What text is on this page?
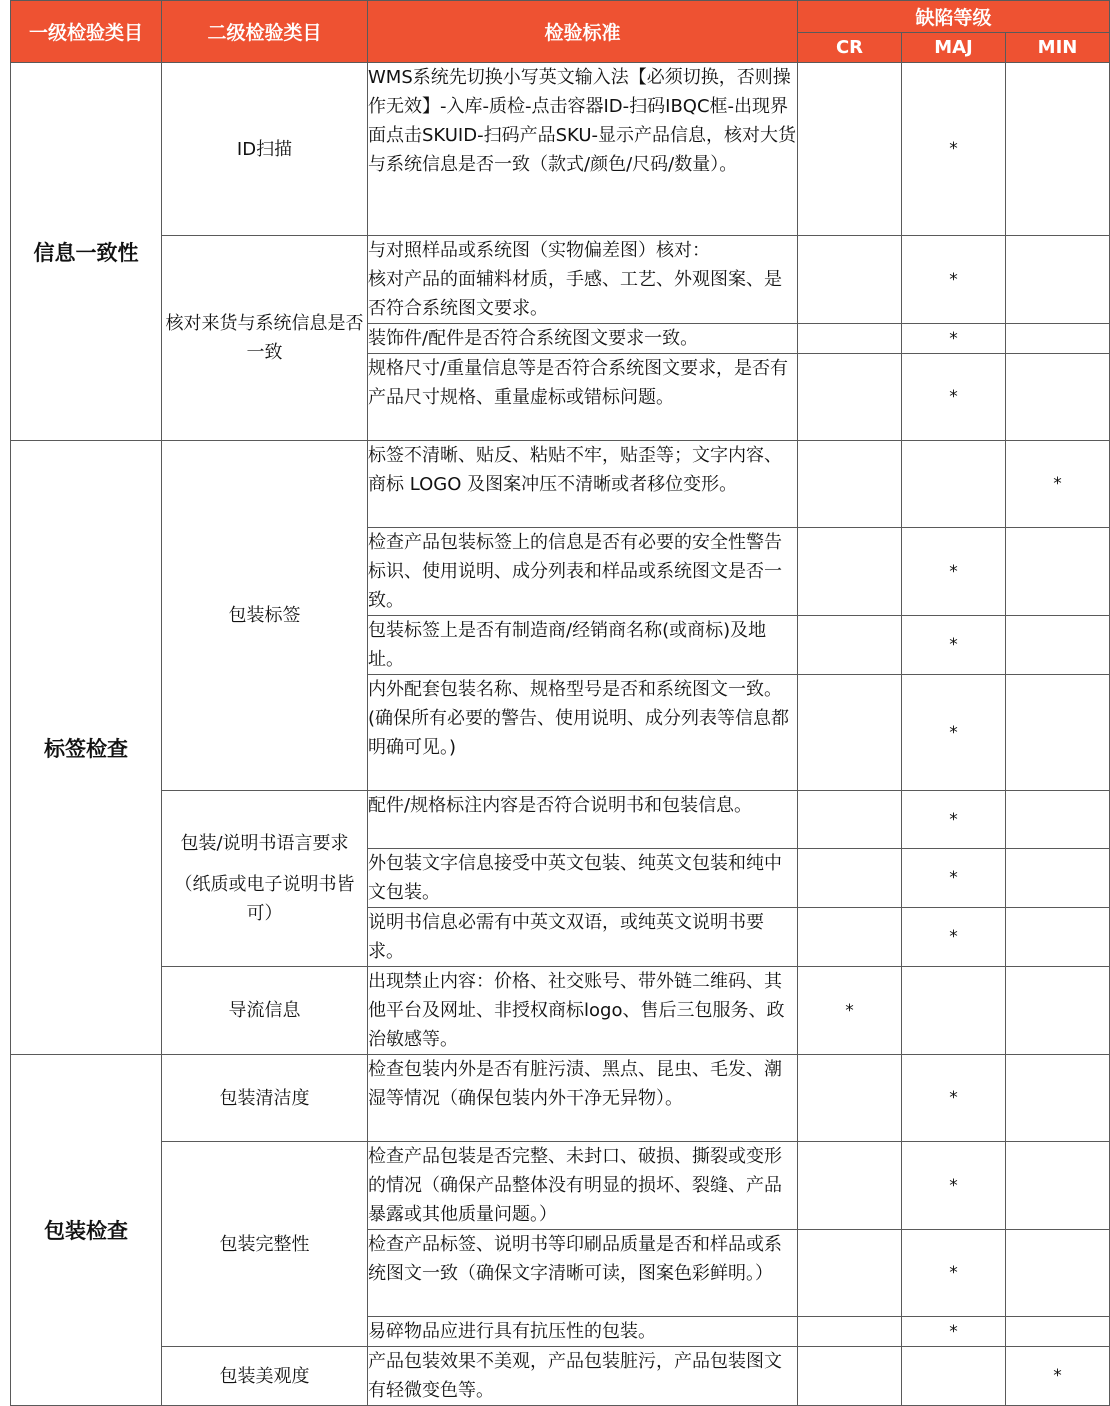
一级检验类目	二级检验类目	检验标准	缺陷等级		
			CR	MAJ	MIN
信息一致性	ID扫描	WMS系统先切换小写英文输入法【必须切换，否则操作无效】-入库-质检-点击容器ID-扫码IBQC框-出现界面点击SKUID-扫码产品SKU-显示产品信息，核对大货与系统信息是否一致（款式/颜色/尺码/数量）。		*	
	核对来货与系统信息是否一致	与对照样品或系统图（实物偏差图）核对：
核对产品的面辅料材质，手感、工艺、外观图案、是否符合系统图文要求。		*	
		装饰件/配件是否符合系统图文要求一致。		*	
		规格尺寸/重量信息等是否符合系统图文要求，是否有产品尺寸规格、重量虚标或错标问题。		*	
标签检查	包装标签	标签不清晰、贴反、粘贴不牢，贴歪等；文字内容、商标 LOGO 及图案冲压不清晰或者移位变形。			*
		检查产品包装标签上的信息是否有必要的安全性警告标识、使用说明、成分列表和样品或系统图文是否一致。		*	
		包装标签上是否有制造商/经销商名称(或商标)及地址。		*	
		内外配套包装名称、规格型号是否和系统图文一致。
(确保所有必要的警告、使用说明、成分列表等信息都明确可见。)		*	
	包装/说明书语言要求
（纸质或电子说明书皆可）	配件/规格标注内容是否符合说明书和包装信息。		*	
		外包装文字信息接受中英文包装、纯英文包装和纯中文包装。		*	
		说明书信息必需有中英文双语，或纯英文说明书要求。		*	
	导流信息	出现禁止内容：价格、社交账号、带外链二维码、其他平台及网址、非授权商标logo、售后三包服务、政治敏感等。	*		
包装检查	包装清洁度	检查包装内外是否有脏污渍、黑点、昆虫、毛发、潮湿等情况（确保包装内外干净无异物）。		*	
	包装完整性	检查产品包装是否完整、未封口、破损、撕裂或变形的情况（确保产品整体没有明显的损坏、裂缝、产品暴露或其他质量问题。）		*	
		检查产品标签、说明书等印刷品质量是否和样品或系统图文一致（确保文字清晰可读，图案色彩鲜明。）		*	
		易碎物品应进行具有抗压性的包装。		*	
	包装美观度	产品包装效果不美观，产品包装脏污，产品包装图文有轻微变色等。			*
